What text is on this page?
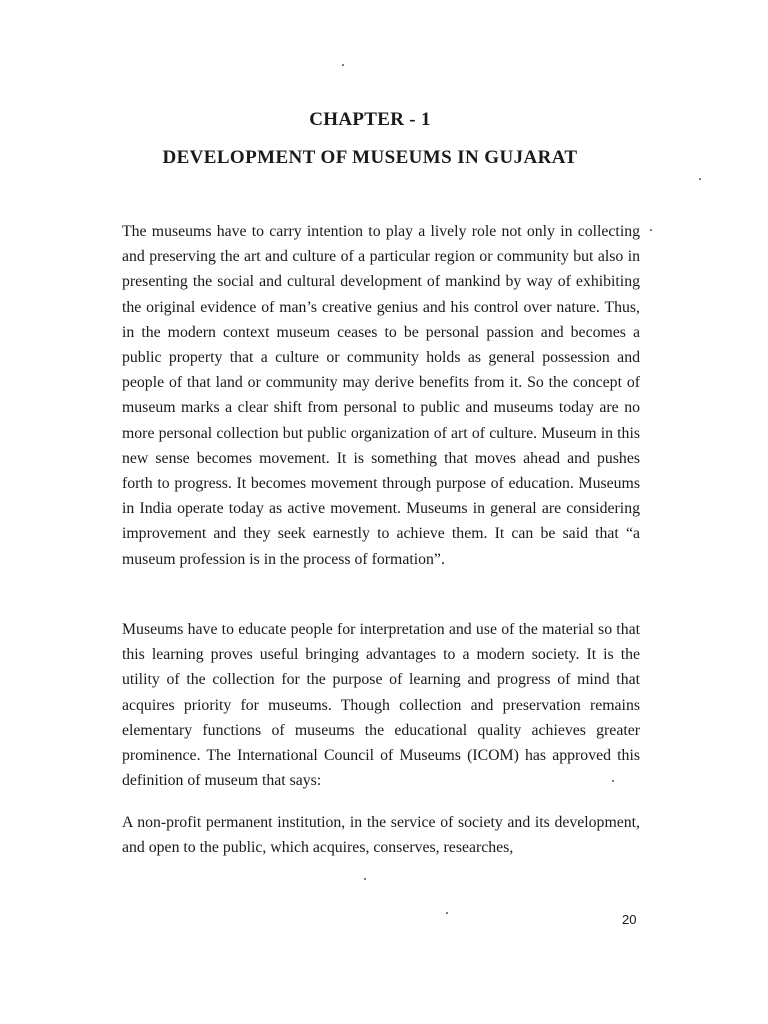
CHAPTER - 1
DEVELOPMENT OF MUSEUMS IN GUJARAT

The museums have to carry intention to play a lively role not only in collecting and preserving the art and culture of a particular region or community but also in presenting the social and cultural development of mankind by way of exhibiting the original evidence of man’s creative genius and his control over nature. Thus, in the modern context museum ceases to be personal passion and becomes a public property that a culture or community holds as general possession and people of that land or community may derive benefits from it. So the concept of museum marks a clear shift from personal to public and museums today are no more personal collection but public organization of art of culture. Museum in this new sense becomes movement. It is something that moves ahead and pushes forth to progress. It becomes movement through purpose of education. Museums in India operate today as active movement. Museums in general are considering improvement and they seek earnestly to achieve them. It can be said that “a museum profession is in the process of formation”.

Museums have to educate people for interpretation and use of the material so that this learning proves useful bringing advantages to a modern society. It is the utility of the collection for the purpose of learning and progress of mind that acquires priority for museums. Though collection and preservation remains elementary functions of museums the educational quality achieves greater prominence. The International Council of Museums (ICOM) has approved this definition of museum that says:

A non-profit permanent institution, in the service of society and its development, and open to the public, which acquires, conserves, researches,

20
